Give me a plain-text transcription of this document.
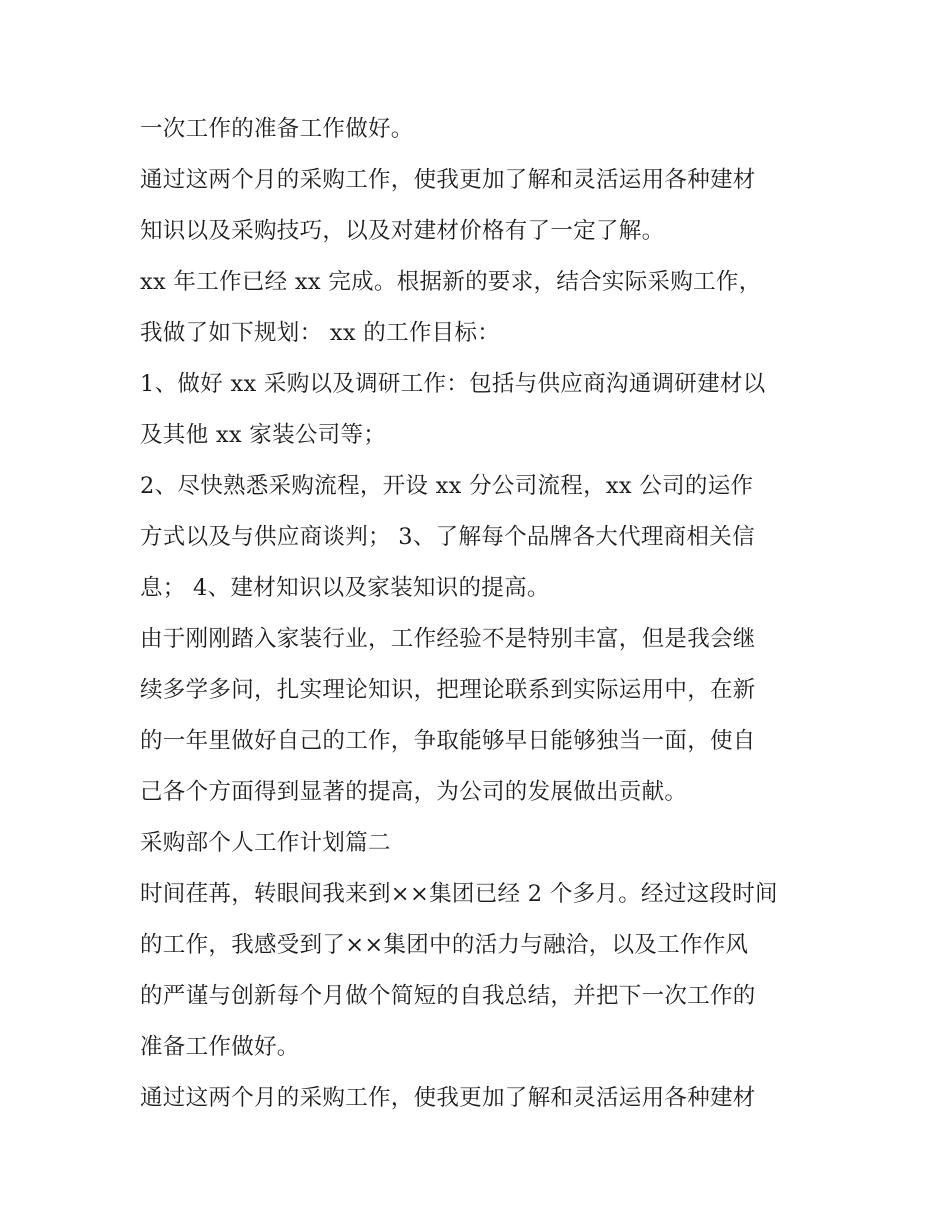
一次工作的准备工作做好。
通过这两个月的采购工作，使我更加了解和灵活运用各种建材
知识以及采购技巧，以及对建材价格有了一定了解。
xx 年工作已经 xx 完成。根据新的要求，结合实际采购工作，
我做了如下规划： xx 的工作目标：
1、做好 xx 采购以及调研工作：包括与供应商沟通调研建材以
及其他 xx 家装公司等；
2、尽快熟悉采购流程，开设 xx 分公司流程，xx 公司的运作
方式以及与供应商谈判； 3、了解每个品牌各大代理商相关信
息； 4、建材知识以及家装知识的提高。
由于刚刚踏入家装行业，工作经验不是特别丰富，但是我会继
续多学多问，扎实理论知识，把理论联系到实际运用中，在新
的一年里做好自己的工作，争取能够早日能够独当一面，使自
己各个方面得到显著的提高，为公司的发展做出贡献。
采购部个人工作计划篇二
时间荏苒，转眼间我来到××集团已经 2 个多月。经过这段时间
的工作，我感受到了××集团中的活力与融洽，以及工作作风
的严谨与创新每个月做个简短的自我总结，并把下一次工作的
准备工作做好。
通过这两个月的采购工作，使我更加了解和灵活运用各种建材
